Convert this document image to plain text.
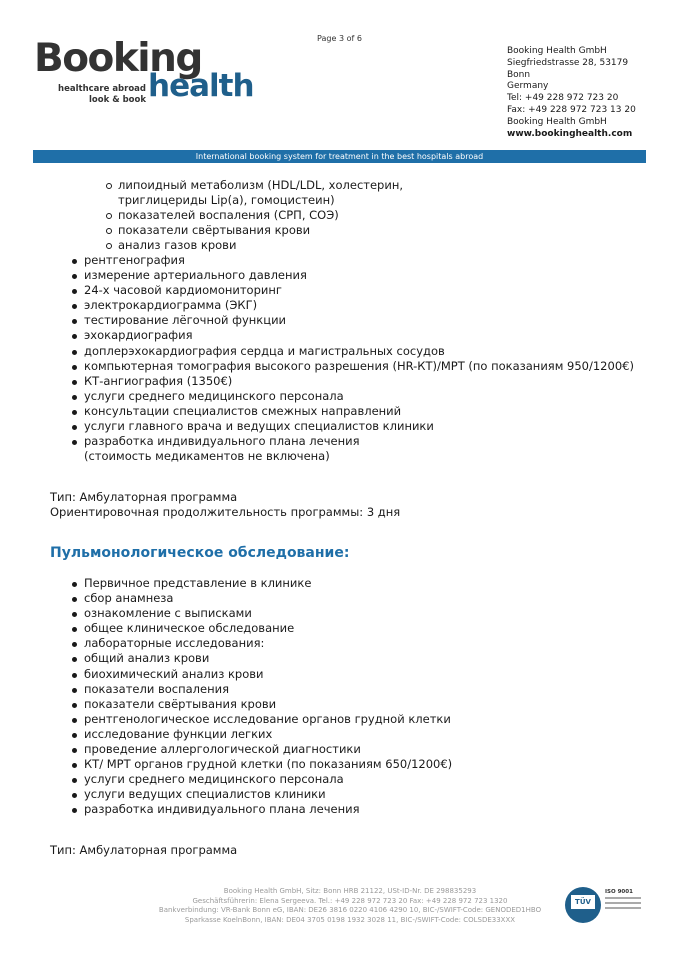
Page 3 of 6
Booking
health
healthcare abroad
look & book
Booking Health GmbH
Siegfriedstrasse 28, 53179
Bonn
Germany
Tel: +49 228 972 723 20
Fax: +49 228 972 723 13 20
Booking Health GmbH
www.bookinghealth.com
International booking system for treatment in the best hospitals abroad
липоидный метаболизм (HDL/LDL, холестерин,
триглицериды Lip(a), гомоцистеин)
показателей воспаления (СРП, СОЭ)
показатели свёртывания крови
анализ газов крови
рентгенография
измерение артериального давления
24-х часовой кардиомониторинг
электрокардиограмма (ЭКГ)
тестирование лёгочной функции
эхокардиография
доплерэхокардиография сердца и магистральных сосудов
компьютерная томография высокого разрешения (HR-КТ)/МРТ (по показаниям 950/1200€)
КТ-ангиография (1350€)
услуги среднего медицинского персонала
консультации специалистов смежных направлений
услуги главного врача и ведущих специалистов клиники
разработка индивидуального плана лечения
(стоимость медикаментов не включена)
Тип: Амбулаторная программа
Ориентировочная продолжительность программы: 3 дня
Пульмонологическое обследование:
Первичное представление в клинике
сбор анамнеза
ознакомление с выписками
общее клиническое обследование
лабораторные исследования:
общий анализ крови
биохимический анализ крови
показатели воспаления
показатели свёртывания крови
рентгенологическое исследование органов грудной клетки
исследование функции легких
проведение аллергологической диагностики
КТ/ МРТ органов грудной клетки (по показаниям 650/1200€)
услуги среднего медицинского персонала
услуги ведущих специалистов клиники
разработка индивидуального плана лечения
Тип: Амбулаторная программа
Booking Health GmbH, Sitz: Bonn HRB 21122, USt-ID-Nr. DE 298835293
Geschäftsführerin: Elena Sergeeva. Tel.: +49 228 972 723 20 Fax: +49 228 972 723 1320
Bankverbindung: VR-Bank Bonn eG, IBAN: DE26 3816 0220 4106 4290 10, BIC-/SWIFT-Code: GENODED1HBO
Sparkasse KoelnBonn, IBAN: DE04 3705 0198 1932 3028 11, BIC-/SWIFT-Code: COLSDE33XXX
TÜV
ISO 9001
